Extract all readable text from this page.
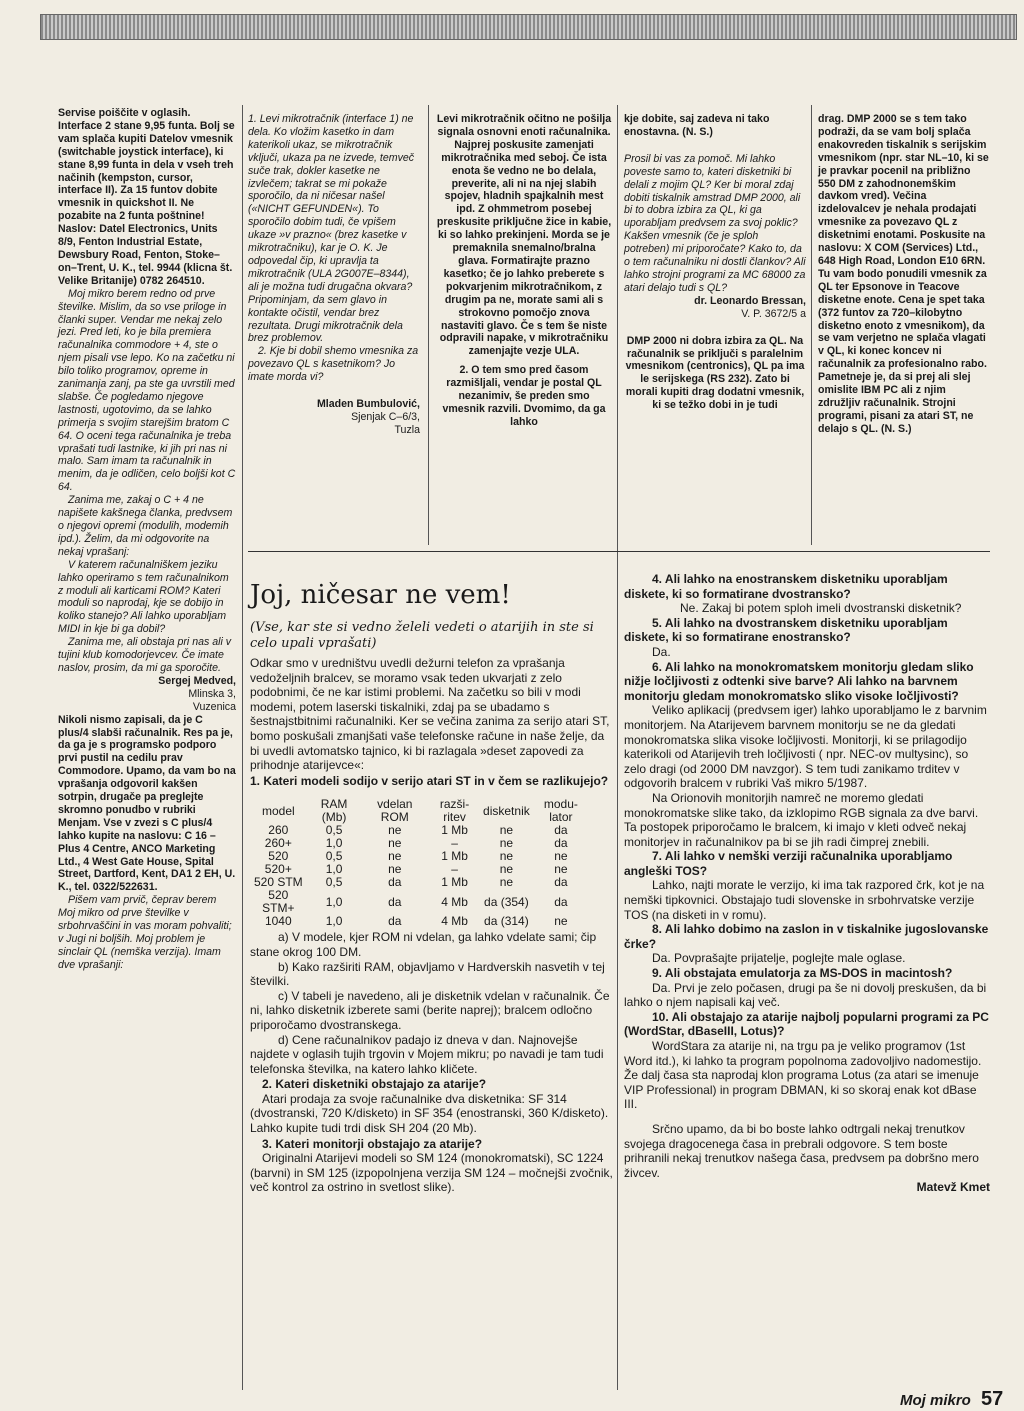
Servise poiščite v oglasih. Interface 2 stane 9,95 funta. Bolj se vam splača kupiti Datelov vmesnik (switchable joystick interface), ki stane 8,99 funta in dela v vseh treh načinih (kempston, cursor, interface II). Za 15 funtov dobite vmesnik in quickshot II. Ne pozabite na 2 funta poštnine! Naslov: Datel Electronics, Units 8/9, Fenton Industrial Estate, Dewsbury Road, Fenton, Stoke–on–Trent, U. K., tel. 9944 (klicna št. Velike Britanije) 0782 264510.

Moj mikro berem redno od prve številke. Mislim, da so vse priloge in članki super. Vendar me nekaj zelo jezi. Pred leti, ko je bila premiera računalnika commodore + 4, ste o njem pisali vse lepo. Ko na začetku ni bilo toliko programov, opreme in zanimanja zanj, pa ste ga uvrstili med slabše. Če pogledamo njegove lastnosti, ugotovimo, da se lahko primerja s svojim starejšim bratom C 64. O oceni tega računalnika je treba vprašati tudi lastnike, ki jih pri nas ni malo. Sam imam ta računalnik in menim, da je odličen, celo boljši kot C 64.

Zanima me, zakaj o C + 4 ne napišete kakšnega članka, predvsem o njegovi opremi (modulih, modemih ipd.). Želim, da mi odgovorite na nekaj vprašanj:

V katerem računalniškem jeziku lahko operiramo s tem računalnikom z moduli ali karticami ROM? Kateri moduli so naprodaj, kje se dobijo in koliko stanejo? Ali lahko uporabljam MIDI in kje bi ga dobil?

Zanima me, ali obstaja pri nas ali v tujini klub komodorjevcev. Če imate naslov, prosim, da mi ga sporočite.

Sergej Medved,

Mlinska 3,

Vuzenica

Nikoli nismo zapisali, da je C plus/4 slabši računalnik. Res pa je, da ga je s programsko podporo prvi pustil na cedilu prav Commodore. Upamo, da vam bo na vprašanja odgovoril kakšen sotrpin, drugače pa preglejte skromno ponudbo v rubriki Menjam. Vse v zvezi s C plus/4 lahko kupite na naslovu: C 16 – Plus 4 Centre, ANCO Marketing Ltd., 4 West Gate House, Spital Street, Dartford, Kent, DA1 2 EH, U. K., tel. 0322/522631.

Pišem vam prvič, čeprav berem Moj mikro od prve številke v srbohrvaščini in vas moram pohvaliti; v Jugi ni boljših. Moj problem je sinclair QL (nemška verzija). Imam dve vprašanji:

1. Levi mikrotračnik (interface 1) ne dela. Ko vložim kasetko in dam katerikoli ukaz, se mikrotračnik vključi, ukaza pa ne izvede, temveč suče trak, dokler kasetke ne izvlečem; takrat se mi pokaže sporočilo, da ni ničesar našel («NICHT GEFUNDEN«). To sporočilo dobim tudi, če vpišem ukaze »v prazno« (brez kasetke v mikrotračniku), kar je O. K. Je odpovedal čip, ki upravlja ta mikrotračnik (ULA 2G007E–8344), ali je možna tudi drugačna okvara? Pripominjam, da sem glavo in kontakte očistil, vendar brez rezultata. Drugi mikrotračnik dela brez problemov.

2. Kje bi dobil shemo vmesnika za povezavo QL s kasetnikom? Jo imate morda vi?

Mladen Bumbulović,

Sjenjak C–6/3,

Tuzla

Levi mikrotračnik očitno ne pošilja signala osnovni enoti računalnika. Najprej poskusite zamenjati mikrotračnika med seboj. Če ista enota še vedno ne bo delala, preverite, ali ni na njej slabih spojev, hladnih spajkalnih mest ipd. Z ohmmetrom posebej preskusite priključne žice in kabie, ki so lahko prekinjeni. Morda se je premaknila snemalno/bralna glava. Formatirajte prazno kasetko; če jo lahko preberete s pokvarjenim mikrotračnikom, z drugim pa ne, morate sami ali s strokovno pomočjo znova nastaviti glavo. Če s tem še niste odpravili napake, v mikrotračniku zamenjajte vezje ULA.

2. O tem smo pred časom razmišljali, vendar je postal QL nezanimiv, še preden smo vmesnik razvili. Dvomimo, da ga lahko

kje dobite, saj zadeva ni tako enostavna. (N. S.)

Prosil bi vas za pomoč. Mi lahko poveste samo to, kateri disketniki bi delali z mojim QL? Ker bi moral zdaj dobiti tiskalnik amstrad DMP 2000, ali bi to dobra izbira za QL, ki ga uporabljam predvsem za svoj poklic? Kakšen vmesnik (če je sploh potreben) mi priporočate? Kako to, da o tem računalniku ni dostli člankov? Ali lahko strojni programi za MC 68000 za atari delajo tudi s QL?

dr. Leonardo Bressan,

V. P. 3672/5 a

DMP 2000 ni dobra izbira za QL. Na računalnik se priključi s paralelnim vmesnikom (centronics), QL pa ima le serijskega (RS 232). Zato bi morali kupiti drag dodatni vmesnik, ki se težko dobi in je tudi

drag. DMP 2000 se s tem tako podraži, da se vam bolj splača enakovreden tiskalnik s serijskim vmesnikom (npr. star NL–10, ki se je pravkar pocenil na približno 550 DM z zahodnonemškim davkom vred). Večina izdelovalcev je nehala prodajati vmesnike za povezavo QL z disketnimi enotami. Poskusite na naslovu: X COM (Services) Ltd., 648 High Road, London E10 6RN. Tu vam bodo ponudili vmesnik za QL ter Epsonove in Teacove disketne enote. Cena je spet taka (372 funtov za 720–kilobytno disketno enoto z vmesnikom), da se vam verjetno ne splača vlagati v QL, ki konec koncev ni računalnik za profesionalno rabo. Pametneje je, da si prej ali slej omislite IBM PC ali z njim združljiv računalnik. Strojni programi, pisani za atari ST, ne delajo s QL. (N. S.)

Joj, ničesar ne vem!
(Vse, kar ste si vedno želeli vedeti o atarijih in ste si celo upali vprašati)

Odkar smo v uredništvu uvedli dežurni telefon za vprašanja vedoželjnih bralcev, se moramo vsak teden ukvarjati z zelo podobnimi, če ne kar istimi problemi. Na začetku so bili v modi modemi, potem laserski tiskalniki, zdaj pa se ubadamo s šestnajstbitnimi računalniki. Ker se večina zanima za serijo atari ST, bomo poskušali zmanjšati vaše telefonske račune in naše želje, da bi uvedli avtomatsko tajnico, ki bi razlagala »deset zapovedi za prihodnje atarijevce«:

1. Kateri modeli sodijo v serijo atari ST in v čem se razlikujejo?

model	RAM (Mb)	vdelan ROM	razši-ritev	disketnik	modu-lator
260	0,5	ne	1 Mb	ne	da
260+	1,0	ne	–	ne	da
520	0,5	ne	1 Mb	ne	ne
520+	1,0	ne	–	ne	ne
520 STM	0,5	da	1 Mb	ne	da
520 STM+	1,0	da	4 Mb	da (354)	da
1040	1,0	da	4 Mb	da (314)	ne

a) V modele, kjer ROM ni vdelan, ga lahko vdelate sami; čip stane okrog 100 DM.

b) Kako razširiti RAM, objavljamo v Hardverskih nasvetih v tej številki.

c) V tabeli je navedeno, ali je disketnik vdelan v računalnik. Če ni, lahko disketnik izberete sami (berite naprej); bralcem odločno priporočamo dvostranskega.

d) Cene računalnikov padajo iz dneva v dan. Najnovejše najdete v oglasih tujih trgovin v Mojem mikru; po navadi je tam tudi telefonska številka, na katero lahko kličete.

2. Kateri disketniki obstajajo za atarije?

Atari prodaja za svoje računalnike dva disketnika: SF 314 (dvostranski, 720 K/disketo) in SF 354 (enostranski, 360 K/disketo). Lahko kupite tudi trdi disk SH 204 (20 Mb).

3. Kateri monitorji obstajajo za atarije?

Originalni Atarijevi modeli so SM 124 (monokromatski), SC 1224 (barvni) in SM 125 (izpopolnjena verzija SM 124 – močnejši zvočnik, več kontrol za ostrino in svetlost slike).

4. Ali lahko na enostranskem disketniku uporabljam diskete, ki so formatirane dvostransko?

Ne. Zakaj bi potem sploh imeli dvostranski disketnik?

5. Ali lahko na dvostranskem disketniku uporabljam diskete, ki so formatirane enostransko?

Da.

6. Ali lahko na monokromatskem monitorju gledam sliko nižje ločljivosti z odtenki sive barve? Ali lahko na barvnem monitorju gledam monokromatsko sliko visoke ločljivosti?

Veliko aplikacij (predvsem iger) lahko uporabljamo le z barvnim monitorjem. Na Atarijevem barvnem monitorju se ne da gledati monokromatska slika visoke ločljivosti. Monitorji, ki se prilagodijo katerikoli od Atarijevih treh ločljivosti ( npr. NEC-ov multysinc), so zelo dragi (od 2000 DM navzgor). S tem tudi zanikamo trditev v odgovorih bralcem v rubriki Vaš mikro 5/1987.

Na Orionovih monitorjih namreč ne moremo gledati monokromatske slike tako, da izklopimo RGB signala za dve barvi. Ta postopek priporočamo le bralcem, ki imajo v kleti odveč nekaj monitorjev in računalnikov pa bi se jih radi čimprej znebili.

7. Ali lahko v nemški verziji računalnika uporabljamo angleški TOS?

Lahko, najti morate le verzijo, ki ima tak razpored črk, kot je na nemški tipkovnici. Obstajajo tudi slovenske in srbohrvatske verzije TOS (na disketi in v romu).

8. Ali lahko dobimo na zaslon in v tiskalnike jugoslovanske črke?

Da. Povprašajte prijatelje, poglejte male oglase.

9. Ali obstajata emulatorja za MS-DOS in macintosh?

Da. Prvi je zelo počasen, drugi pa še ni dovolj preskušen, da bi lahko o njem napisali kaj več.

10. Ali obstajajo za atarije najbolj popularni programi za PC (WordStar, dBaseIII, Lotus)?

WordStara za atarije ni, na trgu pa je veliko programov (1st Word itd.), ki lahko ta program popolnoma zadovoljivo nadomestijo. Že dalj časa sta naprodaj klon programa Lotus (za atari se imenuje VIP Professional) in program DBMAN, ki so skoraj enak kot dBase III.

Srčno upamo, da bi bo boste lahko odtrgali nekaj trenutkov svojega dragocenega časa in prebrali odgovore. S tem boste prihranili nekaj trenutkov našega časa, predvsem pa dobršno mero živcev.

Matevž Kmet

Moj mikro 57
